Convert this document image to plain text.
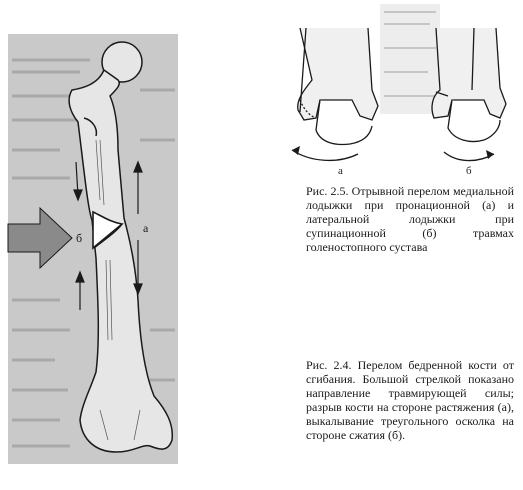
б
а
а	б

Рис. 2.5. Отрывной перелом медиальной лодыжки при пронационной (а) и латеральной лодыжки при супинационной (б) травмах голеностопного сустава

Рис. 2.4. Перелом бедренной кости от сгибания. Большой стрелкой показано направление травмирующей силы; разрыв кости на стороне растяжения (а), выкалывание треугольного осколка на стороне сжатия (б).
